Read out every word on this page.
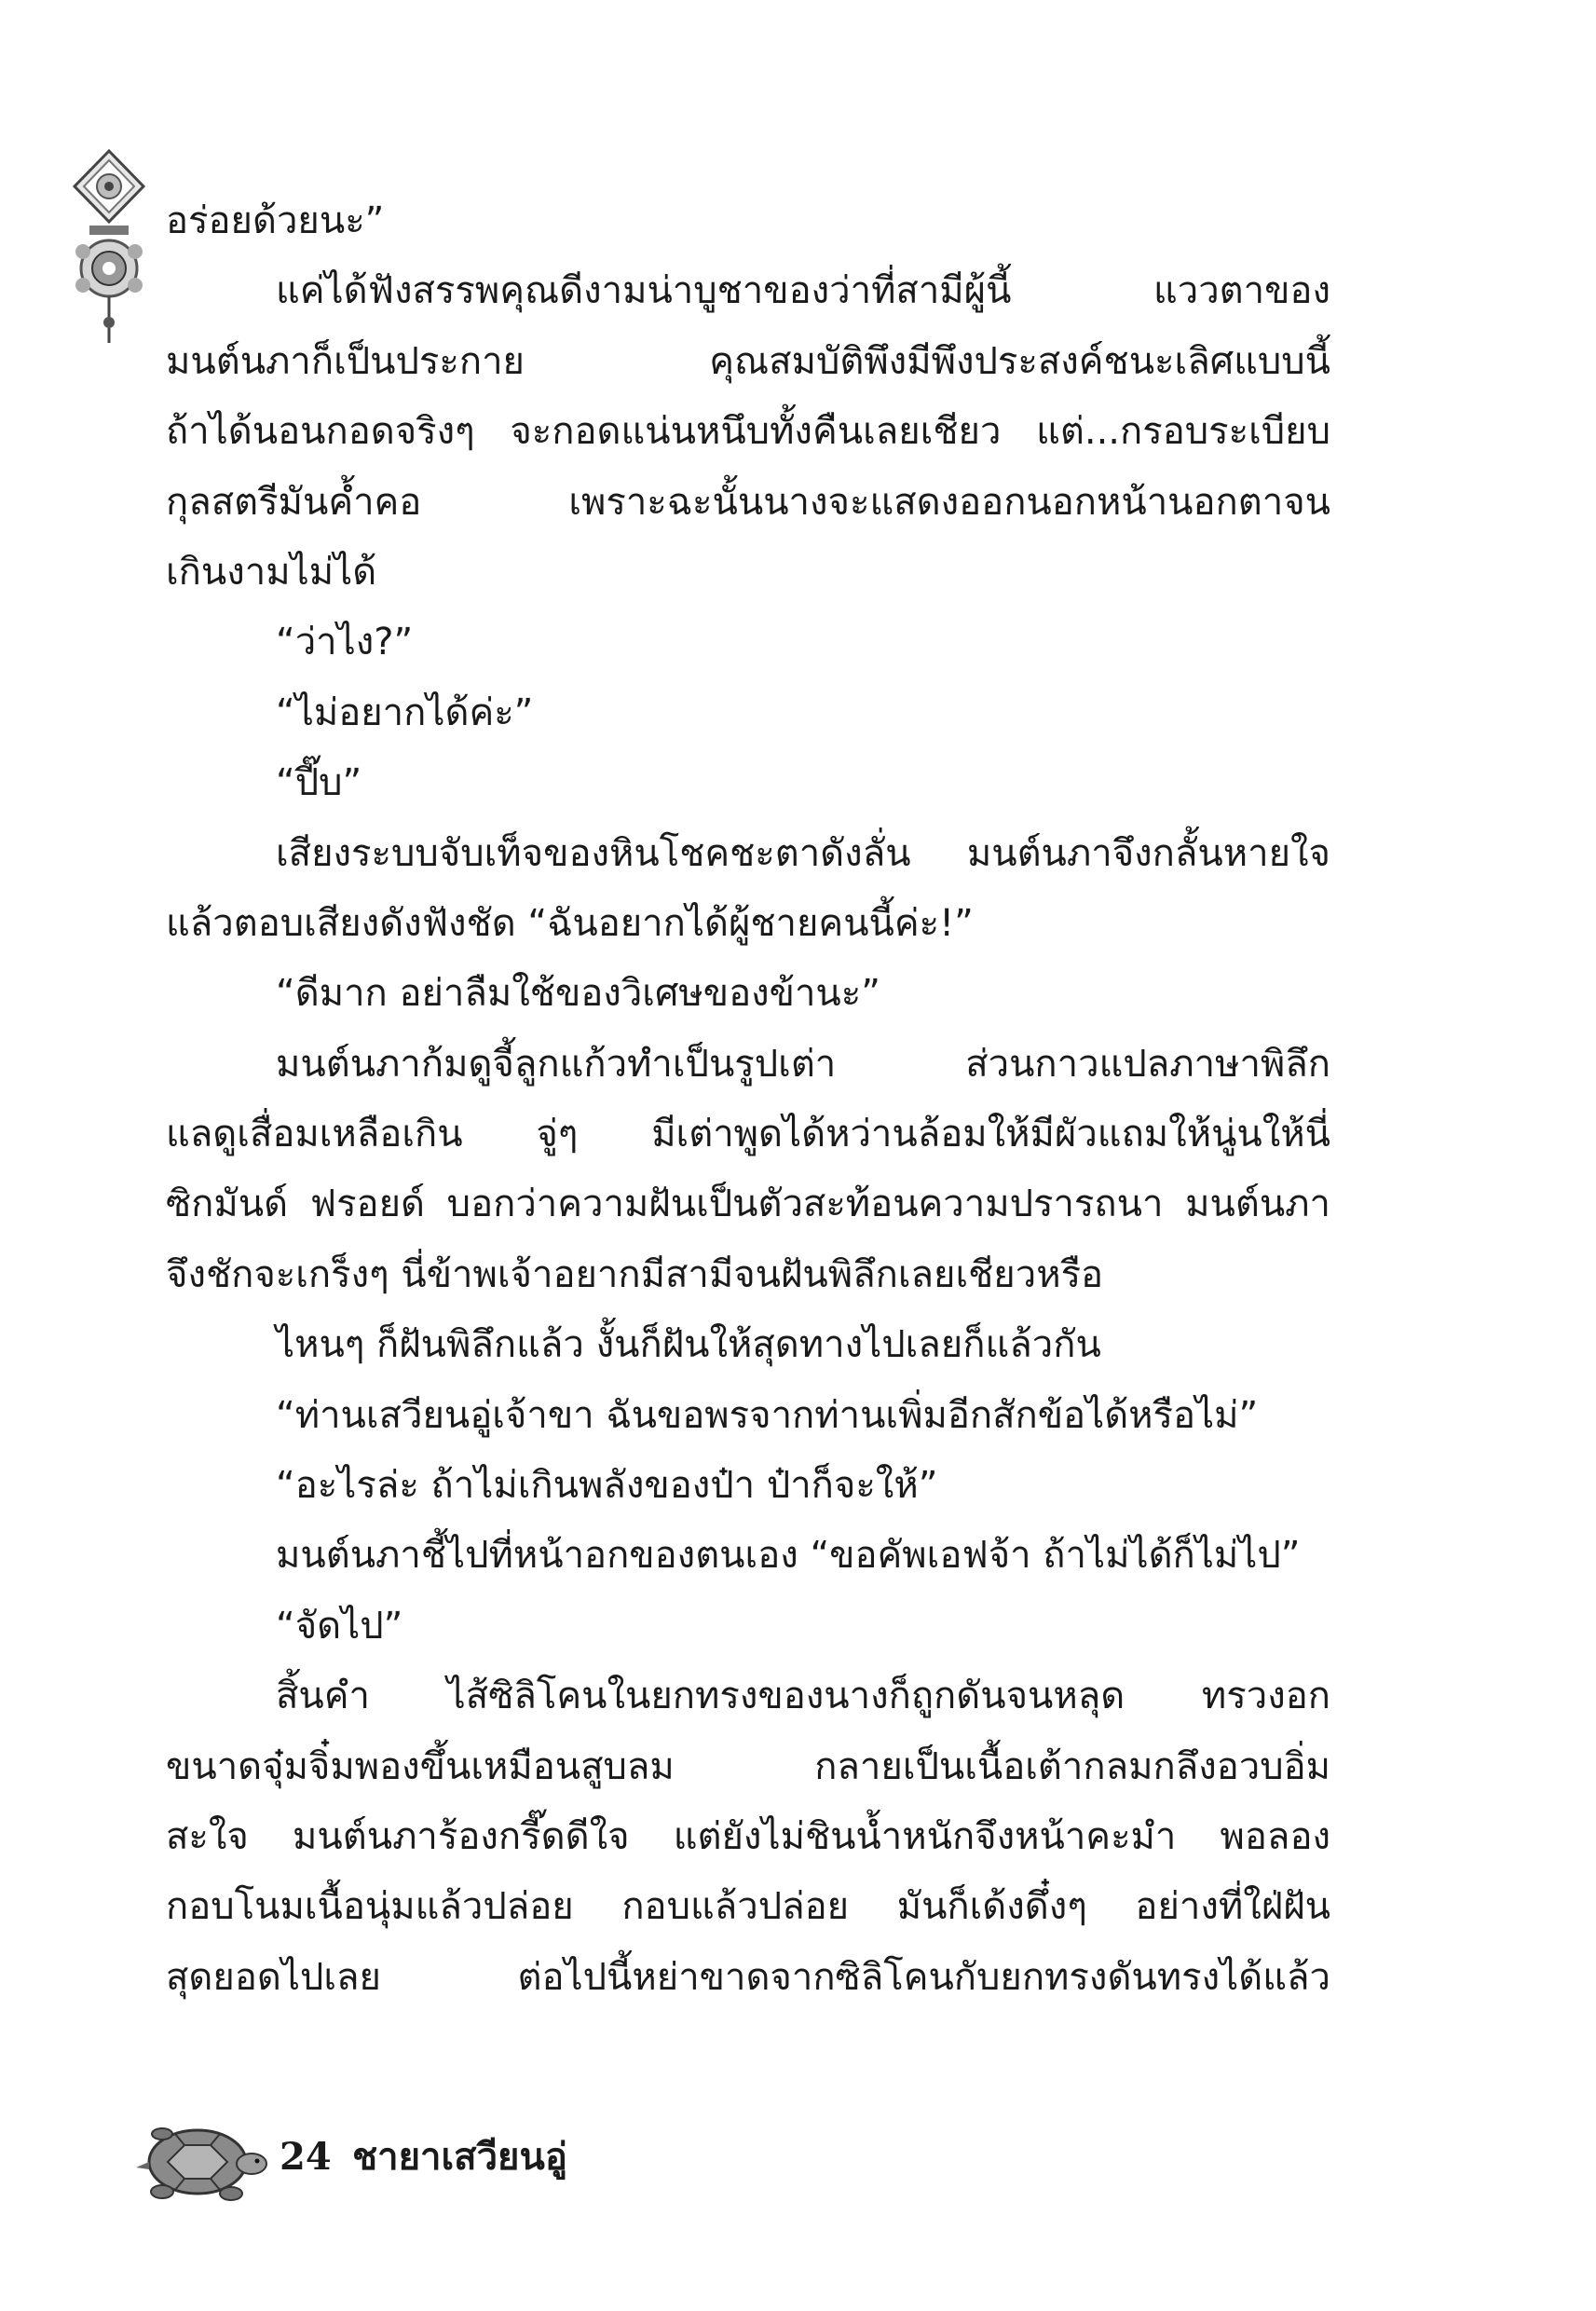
อร่อยด้วยนะ”
แค่ได้ฟังสรรพคุณดีงามน่าบูชาของว่าที่สามีผู้นี้ แววตาของ
มนต์นภาก็เป็นประกาย คุณสมบัติพึงมีพึงประสงค์ชนะเลิศแบบนี้
ถ้าได้นอนกอดจริงๆ จะกอดแน่นหนึบทั้งคืนเลยเชียว แต่...กรอบระเบียบ
กุลสตรีมันค้ำคอ เพราะฉะนั้นนางจะแสดงออกนอกหน้านอกตาจน
เกินงามไม่ได้
“ว่าไง?”
“ไม่อยากได้ค่ะ”
“ปี๊บ”
เสียงระบบจับเท็จของหินโชคชะตาดังลั่น มนต์นภาจึงกลั้นหายใจ
แล้วตอบเสียงดังฟังชัด “ฉันอยากได้ผู้ชายคนนี้ค่ะ!”
“ดีมาก อย่าลืมใช้ของวิเศษของข้านะ”
มนต์นภาก้มดูจี้ลูกแก้วทำเป็นรูปเต่า ส่วนกาวแปลภาษาพิลึก
แลดูเสื่อมเหลือเกิน จู่ๆ มีเต่าพูดได้หว่านล้อมให้มีผัวแถมให้นู่นให้นี่
ซิกมันด์ ฟรอยด์ บอกว่าความฝันเป็นตัวสะท้อนความปรารถนา มนต์นภา
จึงชักจะเกร็งๆ นี่ข้าพเจ้าอยากมีสามีจนฝันพิลึกเลยเชียวหรือ
ไหนๆ ก็ฝันพิลึกแล้ว งั้นก็ฝันให้สุดทางไปเลยก็แล้วกัน
“ท่านเสวียนอู่เจ้าขา ฉันขอพรจากท่านเพิ่มอีกสักข้อได้หรือไม่”
“อะไรล่ะ ถ้าไม่เกินพลังของป๋า ป๋าก็จะให้”
มนต์นภาชี้ไปที่หน้าอกของตนเอง “ขอคัพเอฟจ้า ถ้าไม่ได้ก็ไม่ไป”
“จัดไป”
สิ้นคำ ไส้ซิลิโคนในยกทรงของนางก็ถูกดันจนหลุด ทรวงอก
ขนาดจุ๋มจิ๋มพองขึ้นเหมือนสูบลม กลายเป็นเนื้อเต้ากลมกลึงอวบอิ่ม
สะใจ มนต์นภาร้องกรี๊ดดีใจ แต่ยังไม่ชินน้ำหนักจึงหน้าคะมำ พอลอง
กอบโนมเนื้อนุ่มแล้วปล่อย กอบแล้วปล่อย มันก็เด้งดึ๋งๆ อย่างที่ใฝ่ฝัน
สุดยอดไปเลย ต่อไปนี้หย่าขาดจากซิลิโคนกับยกทรงดันทรงได้แล้ว
24 ชายาเสวียนอู่
